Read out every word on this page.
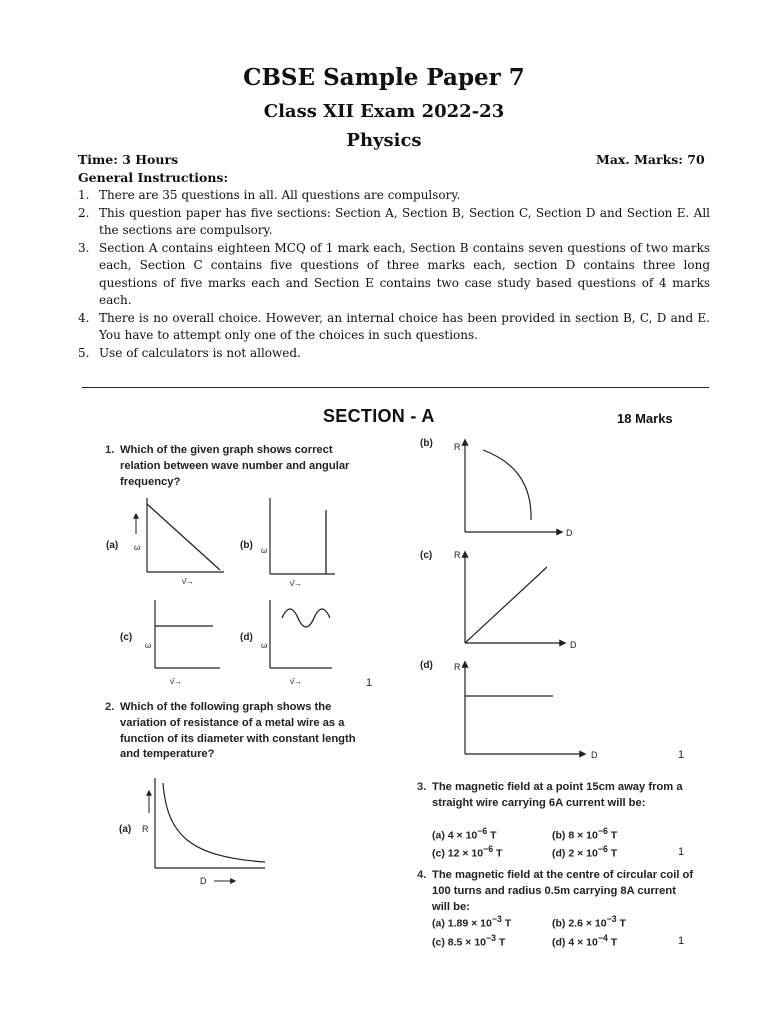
CBSE Sample Paper 7
Class XII Exam 2022-23
Physics
Time: 3 Hours	Max. Marks: 70
General Instructions:
1. There are 35 questions in all. All questions are compulsory.
2. This question paper has five sections: Section A, Section B, Section C, Section D and Section E. All the sections are compulsory.
3. Section A contains eighteen MCQ of 1 mark each, Section B contains seven questions of two marks each, Section C contains five questions of three marks each, section D contains three long questions of five marks each and Section E contains two case study based questions of 4 marks each.
4. There is no overall choice. However, an internal choice has been provided in section B, C, D and E. You have to attempt only one of the choices in such questions.
5. Use of calculators is not allowed.
SECTION - A	18 Marks
1. Which of the given graph shows correct relation between wave number and angular frequency?
(a) ω
ν̄→
(b) ω
ν̄→
(c)
ω
ν̄→
(d)
ω
ν̄→	1
2. Which of the following graph shows the variation of resistance of a metal wire as a function of its diameter with constant length and temperature?
(a) R
D
(b) R
D
(c) R
D
(d) R
D	1
3. The magnetic field at a point 15cm away from a straight wire carrying 6A current will be:
(a) $4 \times 10^{-6}$ T	(b) $8 \times 10^{-6}$ T
(c) $12 \times 10^{-6}$ T	(d) $2 \times 10^{-6}$ T	1
4. The magnetic field at the centre of circular coil of 100 turns and radius 0.5m carrying 8A current will be:
(a) $1.89 \times 10^{-3}$ T	(b) $2.6 \times 10^{-3}$ T
(c) $8.5 \times 10^{-3}$ T	(d) $4 \times 10^{-4}$ T	1
